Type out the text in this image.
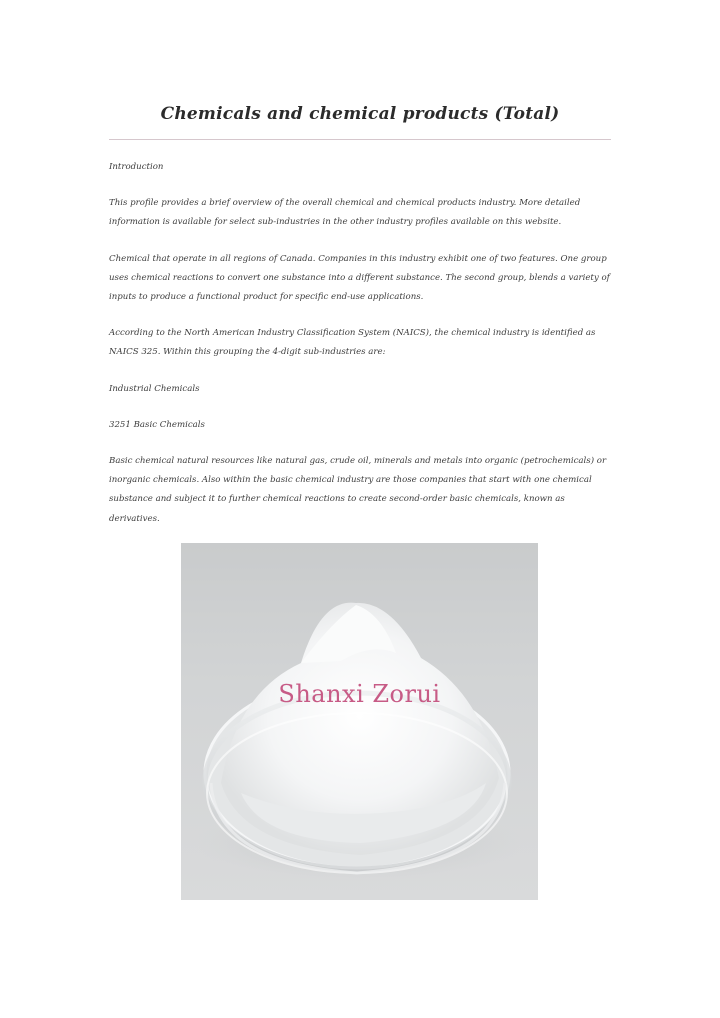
Chemicals and chemical products (Total)

Introduction

This profile provides a brief overview of the overall chemical and chemical products industry. More detailed information is available for select sub-industries in the other industry profiles available on this website.

Chemical that operate in all regions of Canada. Companies in this industry exhibit one of two features. One group uses chemical reactions to convert one substance into a different substance. The second group, blends a variety of inputs to produce a functional product for specific end-use applications.

According to the North American Industry Classification System (NAICS), the chemical industry is identified as NAICS 325. Within this grouping the 4-digit sub-industries are:

Industrial Chemicals

3251 Basic Chemicals

Basic chemical natural resources like natural gas, crude oil, minerals and metals into organic (petrochemicals) or inorganic chemicals. Also within the basic chemical industry are those companies that start with one chemical substance and subject it to further chemical reactions to create second-order basic chemicals, known as derivatives.

Shanxi Zorui
